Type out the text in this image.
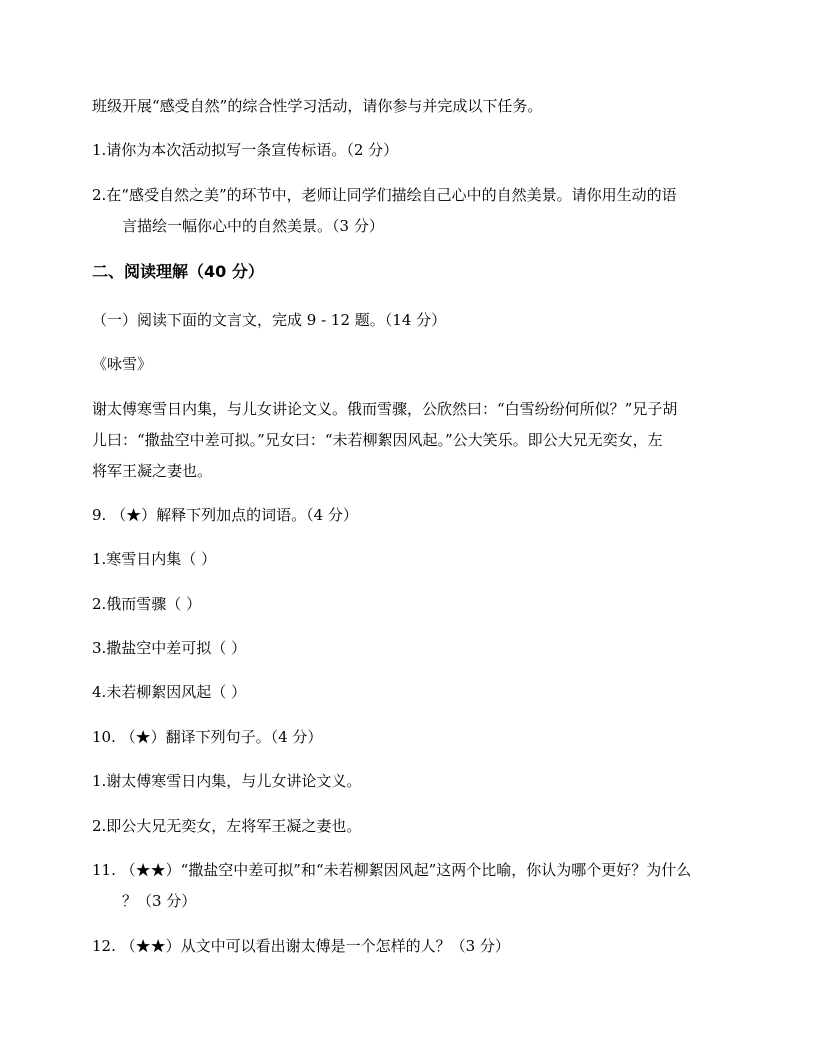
班级开展“感受自然”的综合性学习活动，请你参与并完成以下任务。
1.请你为本次活动拟写一条宣传标语。（2 分）
2.在“感受自然之美”的环节中，老师让同学们描绘自己心中的自然美景。请你用生动的语
言描绘一幅你心中的自然美景。（3 分）
二、阅读理解（40 分）
（一）阅读下面的文言文，完成 9 - 12 题。（14 分）
《咏雪》
谢太傅寒雪日内集，与儿女讲论文义。俄而雪骤，公欣然曰：“白雪纷纷何所似？”兄子胡
儿曰：“撒盐空中差可拟。”兄女曰：“未若柳絮因风起。”公大笑乐。即公大兄无奕女，左
将军王凝之妻也。
9. （★）解释下列加点的词语。（4 分）
1.寒雪日内集（ ）
2.俄而雪骤（ ）
3.撒盐空中差可拟（ ）
4.未若柳絮因风起（ ）
10. （★）翻译下列句子。（4 分）
1.谢太傅寒雪日内集，与儿女讲论文义。
2.即公大兄无奕女，左将军王凝之妻也。
11. （★★）“撒盐空中差可拟”和“未若柳絮因风起”这两个比喻，你认为哪个更好？为什么
？（3 分）
12. （★★）从文中可以看出谢太傅是一个怎样的人？（3 分）
